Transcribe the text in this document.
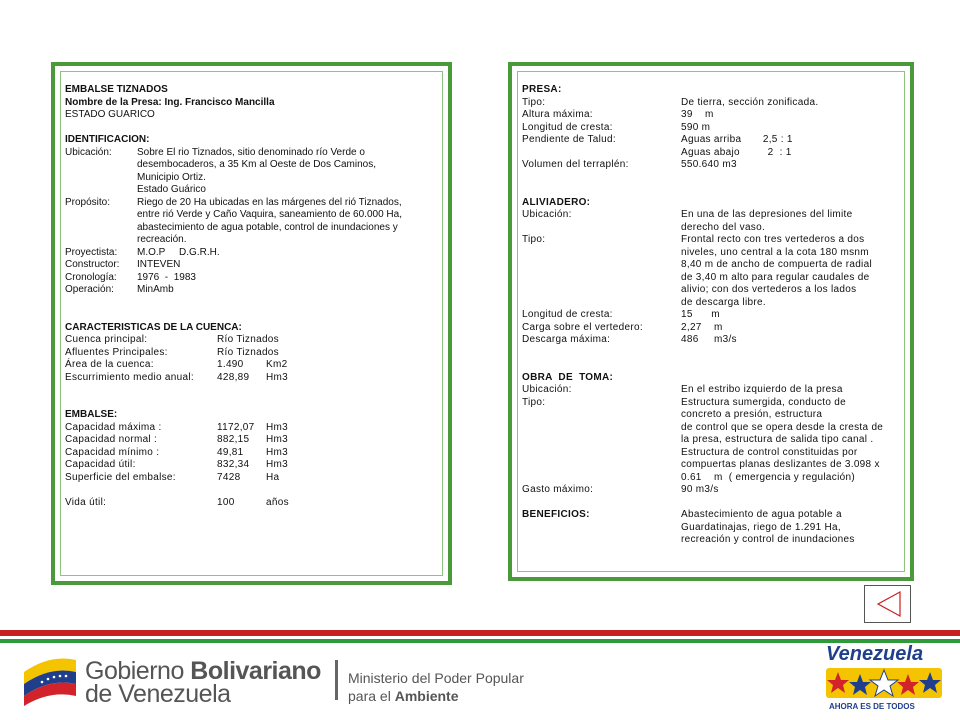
EMBALSE TIZNADOS
Nombre de la Presa: Ing. Francisco Mancilla
ESTADO GUARICO
IDENTIFICACION:
Ubicación:	Sobre El rio Tiznados, sitio denominado río Verde o
desembocaderos, a 35 Km al Oeste de Dos Caminos,
Municipio Ortiz.
Estado Guárico
Propósito:	Riego de 20 Ha ubicadas en las márgenes del rió Tiznados,
entre rió Verde y Caño Vaquira, saneamiento de 60.000 Ha,
abastecimiento de agua potable, control de inundaciones y
recreación.
Proyectista:	M.O.P     D.G.R.H.
Constructor:	INTEVEN
Cronología:	1976  -  1983
Operación:	MinAmb
CARACTERISTICAS DE LA CUENCA:
Cuenca principal:	Río Tiznados
Afluentes Principales:	Río Tiznados
Área de la cuenca:	1.490	Km2
Escurrimiento medio anual:	428,89	Hm3
EMBALSE:
Capacidad máxima :	1172,07	Hm3
Capacidad normal :	882,15	Hm3
Capacidad mínimo :	49,81	Hm3
Capacidad útil:	832,34	Hm3
Superficie del embalse:	7428	Ha
Vida útil:	100	años
PRESA:
Tipo:	De tierra, sección zonificada.
Altura máxima:	39    m
Longitud de cresta:	590 m
Pendiente de Talud:	Aguas arriba       2,5 : 1
Aguas abajo         2  : 1
Volumen del terraplén:	550.640 m3
ALIVIADERO:
Ubicación:	En una de las depresiones del limite
derecho del vaso.
Tipo:	Frontal recto con tres vertederos a dos
niveles, uno central a la cota 180 msnm
8,40 m de ancho de compuerta de radial
de 3,40 m alto para regular caudales de
alivio; con dos vertederos a los lados
de descarga libre.
Longitud de cresta:	15      m
Carga sobre el vertedero:	2,27    m
Descarga máxima:	486     m3/s
OBRA  DE  TOMA:
Ubicación:	En el estribo izquierdo de la presa
Tipo:	Estructura sumergida, conducto de
concreto a presión, estructura
de control que se opera desde la cresta de
la presa, estructura de salida tipo canal .
Estructura de control constituidas por
compuertas planas deslizantes de 3.098 x
0.61    m  ( emergencia y regulación)
Gasto máximo:	90 m3/s
BENEFICIOS:	Abastecimiento de agua potable a
Guardatinajas, riego de 1.291 Ha,
recreación y control de inundaciones
Gobierno Bolivariano
de Venezuela
Ministerio del Poder Popular
para el Ambiente
Venezuela
AHORA ES DE TODOS
